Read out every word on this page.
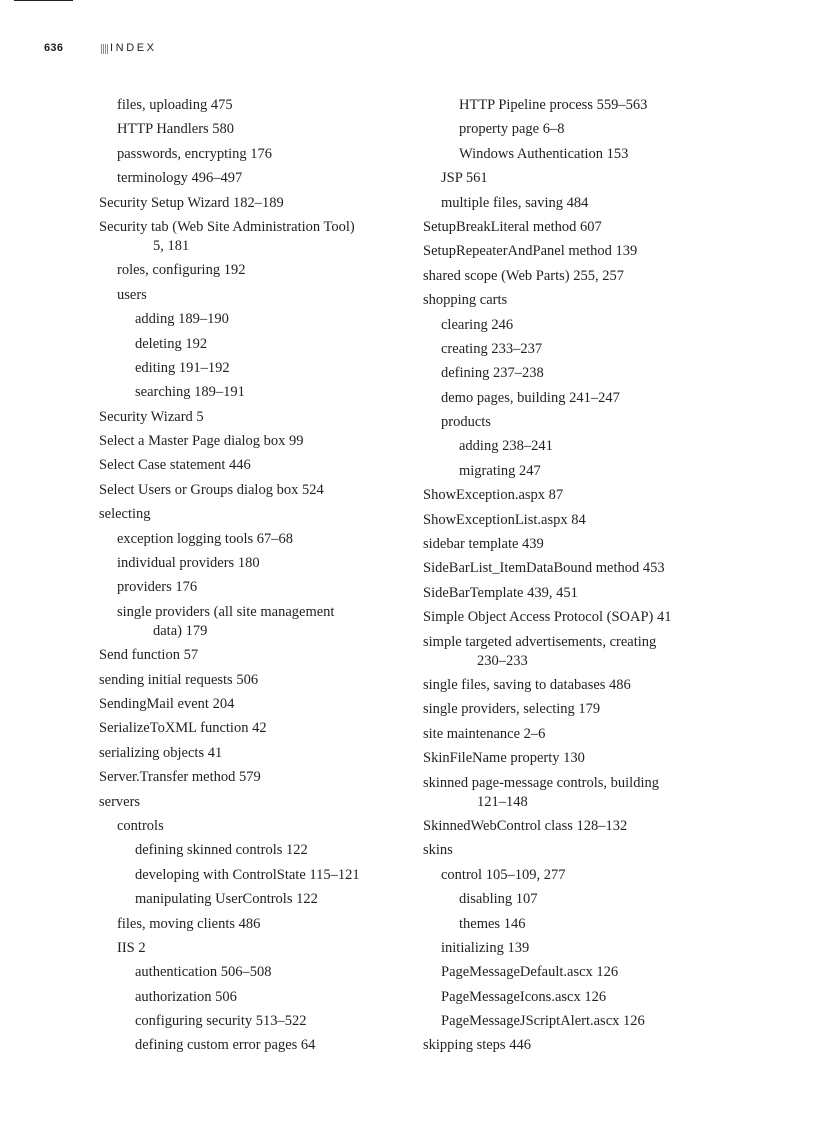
636	INDEX
files, uploading 475
HTTP Handlers 580
passwords, encrypting 176
terminology 496–497
Security Setup Wizard 182–189
Security tab (Web Site Administration Tool)
5, 181
roles, configuring 192
users
adding 189–190
deleting 192
editing 191–192
searching 189–191
Security Wizard 5
Select a Master Page dialog box 99
Select Case statement 446
Select Users or Groups dialog box 524
selecting
exception logging tools 67–68
individual providers 180
providers 176
single providers (all site management
data) 179
Send function 57
sending initial requests 506
SendingMail event 204
SerializeToXML function 42
serializing objects 41
Server.Transfer method 579
servers
controls
defining skinned controls 122
developing with ControlState 115–121
manipulating UserControls 122
files, moving clients 486
IIS 2
authentication 506–508
authorization 506
configuring security 513–522
defining custom error pages 64
HTTP Pipeline process 559–563
property page 6–8
Windows Authentication 153
JSP 561
multiple files, saving 484
SetupBreakLiteral method 607
SetupRepeaterAndPanel method 139
shared scope (Web Parts) 255, 257
shopping carts
clearing 246
creating 233–237
defining 237–238
demo pages, building 241–247
products
adding 238–241
migrating 247
ShowException.aspx 87
ShowExceptionList.aspx 84
sidebar template 439
SideBarList_ItemDataBound method 453
SideBarTemplate 439, 451
Simple Object Access Protocol (SOAP) 41
simple targeted advertisements, creating
230–233
single files, saving to databases 486
single providers, selecting 179
site maintenance 2–6
SkinFileName property 130
skinned page-message controls, building
121–148
SkinnedWebControl class 128–132
skins
control 105–109, 277
disabling 107
themes 146
initializing 139
PageMessageDefault.ascx 126
PageMessageIcons.ascx 126
PageMessageJScriptAlert.ascx 126
skipping steps 446
